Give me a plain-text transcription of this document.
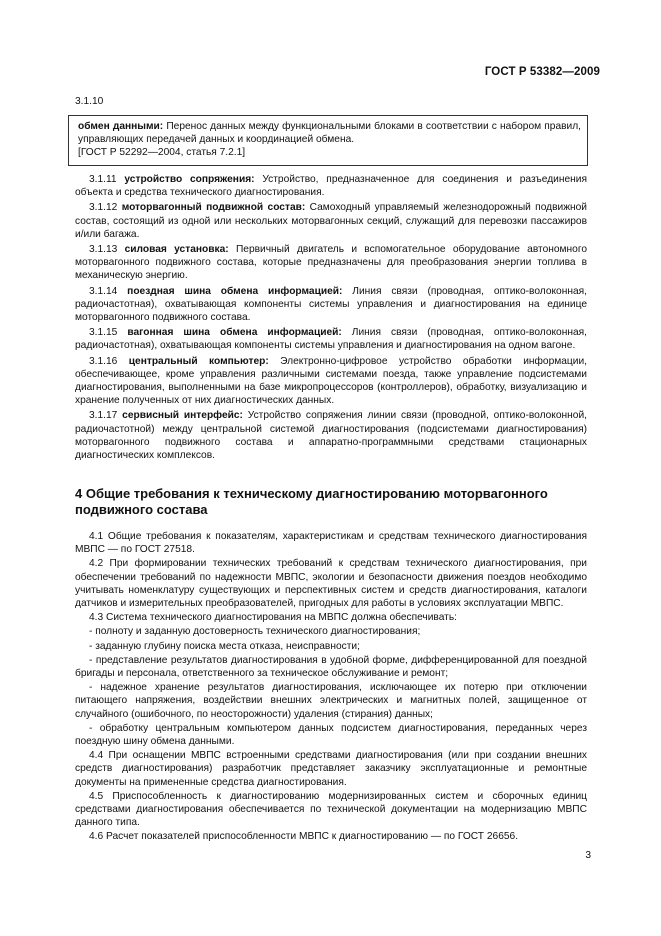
ГОСТ Р 53382—2009
3.1.10

обмен данными: Перенос данных между функциональными блоками в соответствии с набором правил, управляющих передачей данных и координацией обмена.

[ГОСТ Р 52292—2004, статья 7.2.1]

3.1.11 устройство сопряжения: Устройство, предназначенное для соединения и разъединения объекта и средства технического диагностирования.

3.1.12 моторвагонный подвижной состав: Самоходный управляемый железнодорожный подвижной состав, состоящий из одной или нескольких моторвагонных секций, служащий для перевозки пассажиров и/или багажа.

3.1.13 силовая установка: Первичный двигатель и вспомогательное оборудование автономного моторвагонного подвижного состава, которые предназначены для преобразования энергии топлива в механическую энергию.

3.1.14 поездная шина обмена информацией: Линия связи (проводная, оптико-волоконная, радиочастотная), охватывающая компоненты системы управления и диагностирования на единице моторвагонного подвижного состава.

3.1.15 вагонная шина обмена информацией: Линия связи (проводная, оптико-волоконная, радиочастотная), охватывающая компоненты системы управления и диагностирования на одном вагоне.

3.1.16 центральный компьютер: Электронно-цифровое устройство обработки информации, обеспечивающее, кроме управления различными системами поезда, также управление подсистемами диагностирования, выполненными на базе микропроцессоров (контроллеров), обработку, визуализацию и хранение полученных от них диагностических данных.

3.1.17 сервисный интерфейс: Устройство сопряжения линии связи (проводной, оптико-волоконной, радиочастотной) между центральной системой диагностирования (подсистемами диагностирования) моторвагонного подвижного состава и аппаратно-программными средствами стационарных диагностических комплексов.

4 Общие требования к техническому диагностированию моторвагонного подвижного состава

4.1 Общие требования к показателям, характеристикам и средствам технического диагностирования МВПС — по ГОСТ 27518.

4.2 При формировании технических требований к средствам технического диагностирования, при обеспечении требований по надежности МВПС, экологии и безопасности движения поездов необходимо учитывать номенклатуру существующих и перспективных систем и средств диагностирования, каталоги датчиков и измерительных преобразователей, пригодных для работы в условиях эксплуатации МВПС.

4.3 Система технического диагностирования на МВПС должна обеспечивать:

- полноту и заданную достоверность технического диагностирования;

- заданную глубину поиска места отказа, неисправности;

- представление результатов диагностирования в удобной форме, дифференцированной для поездной бригады и персонала, ответственного за техническое обслуживание и ремонт;

- надежное хранение результатов диагностирования, исключающее их потерю при отключении питающего напряжения, воздействии внешних электрических и магнитных полей, защищенное от случайного (ошибочного, по неосторожности) удаления (стирания) данных;

- обработку центральным компьютером данных подсистем диагностирования, переданных через поездную шину обмена данными.

4.4 При оснащении МВПС встроенными средствами диагностирования (или при создании внешних средств диагностирования) разработчик представляет заказчику эксплуатационные и ремонтные документы на примененные средства диагностирования.

4.5 Приспособленность к диагностированию модернизированных систем и сборочных единиц средствами диагностирования обеспечивается по технической документации на модернизацию МВПС данного типа.

4.6 Расчет показателей приспособленности МВПС к диагностированию — по ГОСТ 26656.

3
